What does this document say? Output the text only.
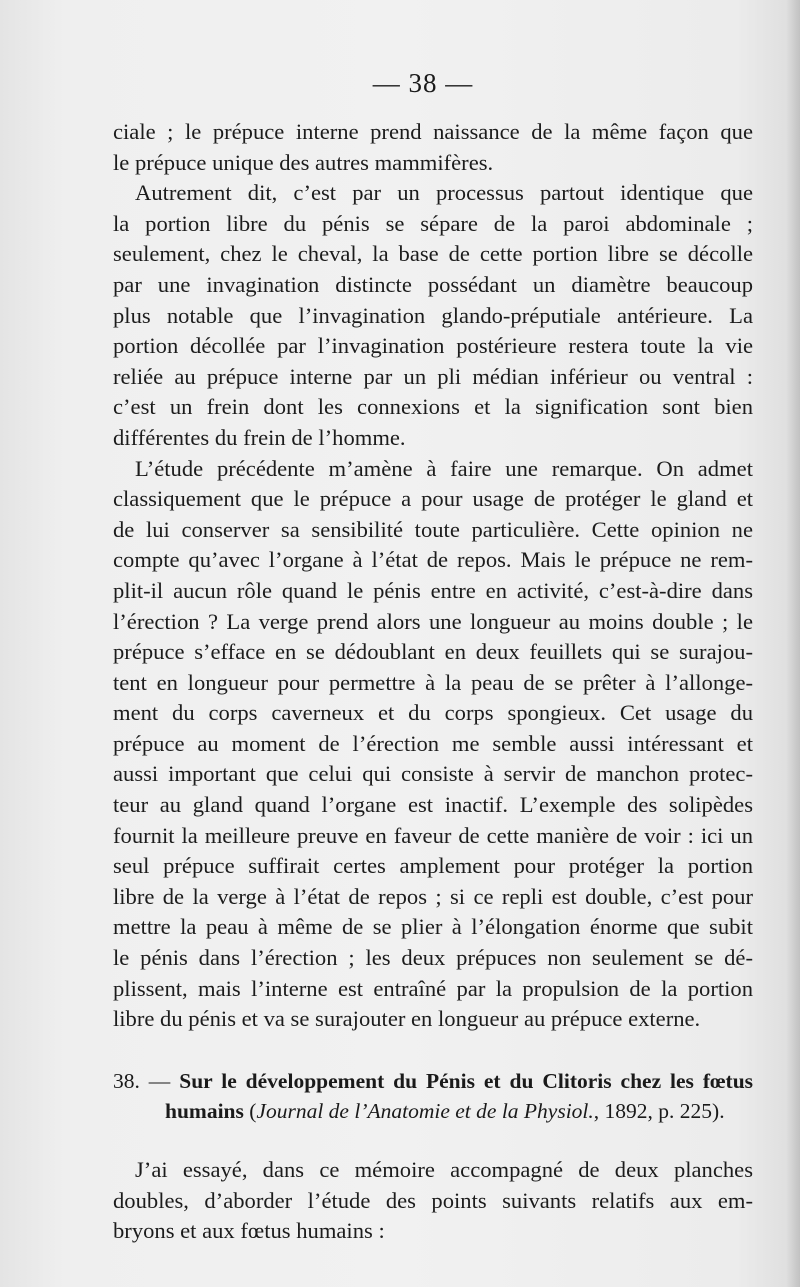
— 38 —
ciale ; le prépuce interne prend naissance de la même façon que
le prépuce unique des autres mammifères.
Autrement dit, c’est par un processus partout identique que
la portion libre du pénis se sépare de la paroi abdominale ;
seulement, chez le cheval, la base de cette portion libre se décolle
par une invagination distincte possédant un diamètre beaucoup
plus notable que l’invagination glando-préputiale antérieure. La
portion décollée par l’invagination postérieure restera toute la vie
reliée au prépuce interne par un pli médian inférieur ou ventral :
c’est un frein dont les connexions et la signification sont bien
différentes du frein de l’homme.
L’étude précédente m’amène à faire une remarque. On admet
classiquement que le prépuce a pour usage de protéger le gland et
de lui conserver sa sensibilité toute particulière. Cette opinion ne
compte qu’avec l’organe à l’état de repos. Mais le prépuce ne rem-
plit-il aucun rôle quand le pénis entre en activité, c’est-à-dire dans
l’érection ? La verge prend alors une longueur au moins double ; le
prépuce s’efface en se dédoublant en deux feuillets qui se surajou-
tent en longueur pour permettre à la peau de se prêter à l’allonge-
ment du corps caverneux et du corps spongieux. Cet usage du
prépuce au moment de l’érection me semble aussi intéressant et
aussi important que celui qui consiste à servir de manchon protec-
teur au gland quand l’organe est inactif. L’exemple des solipèdes
fournit la meilleure preuve en faveur de cette manière de voir : ici un
seul prépuce suffirait certes amplement pour protéger la portion
libre de la verge à l’état de repos ; si ce repli est double, c’est pour
mettre la peau à même de se plier à l’élongation énorme que subit
le pénis dans l’érection ; les deux prépuces non seulement se dé-
plissent, mais l’interne est entraîné par la propulsion de la portion
libre du pénis et va se surajouter en longueur au prépuce externe.
38. — Sur le développement du Pénis et du Clitoris chez les fœtus
humains (Journal de l’Anatomie et de la Physiol., 1892, p. 225).
J’ai essayé, dans ce mémoire accompagné de deux planches
doubles, d’aborder l’étude des points suivants relatifs aux em-
bryons et aux fœtus humains :
